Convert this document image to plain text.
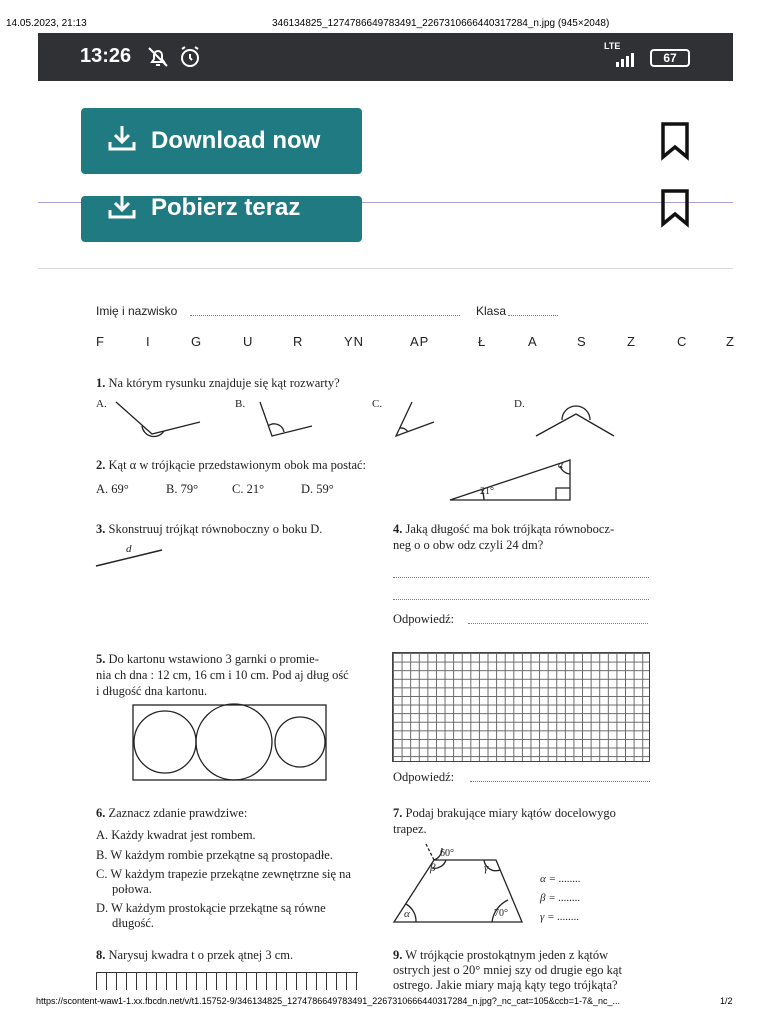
14.05.2023, 21:13	346134825_1274786649783491_2267310666440317284_n.jpg (945×2048)
https://scontent-waw1-1.xx.fbcdn.net/v/t1.15752-9/346134825_1274786649783491_2267310666440317284_n.jpg?_nc_cat=105&ccb=1-7&_nc_...	1/2
13:26	LTE
67
Download now
Pobierz teraz
Imię i nazwisko	Klasa
F	I	G	U	R	YN	AP	Ł	A	S	Z	C	Z
1. Na którym rysunku znajduje się kąt rozwarty?
A.	B.	C.	D.
2. Kąt α w trójkącie przedstawionym obok ma postać:
A. 69°	B. 79°	C. 21°	D. 59°	21°
α
3. Skonstruuj trójkąt równoboczny o boku D.
d
4. Jaką długość ma bok trójkąta równobocz-
neg o o obw odz czyli 24 dm?
Odpowiedź:
5. Do kartonu wstawiono 3 garnki o promie-
nia ch dna : 12 cm, 16 cm i 10 cm. Pod aj dług ość
i długość dna kartonu.
Odpowiedź:
6. Zaznacz zdanie prawdziwe:
A. Każdy kwadrat jest rombem.
B. W każdym rombie przekątne są prostopadłe.
C. W każdym trapezie przekątne zewnętrzne się na
połowa.
D. W każdym prostokącie przekątne są równe
długość.
7. Podaj brakujące miary kątów docelowygo
trapez.
60°
β	γ
α	70°
α = ........
β = ........
γ = ........
8. Narysuj kwadra t o przek ątnej 3 cm.	9. W trójkącie prostokątnym jeden z kątów
ostrych jest o 20° mniej szy od drugie ego kąt
ostrego. Jakie miary mają kąty tego trójkąta?
